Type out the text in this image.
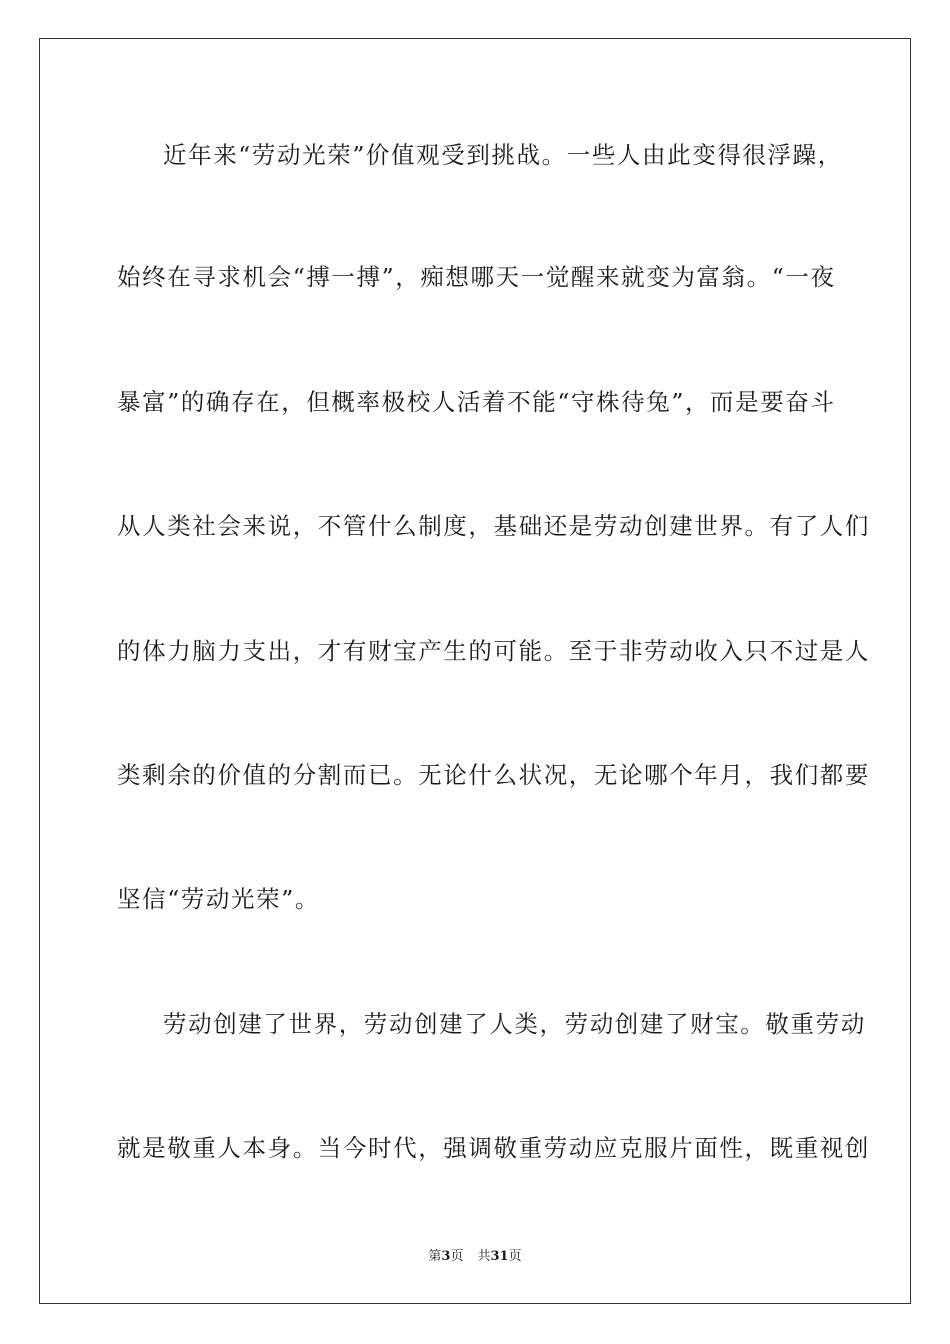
近年来“劳动光荣”价值观受到挑战。一些人由此变得很浮躁，
始终在寻求机会“搏一搏”，痴想哪天一觉醒来就变为富翁。“一夜
暴富”的确存在，但概率极校人活着不能“守株待兔”，而是要奋斗
从人类社会来说，不管什么制度，基础还是劳动创建世界。有了人们
的体力脑力支出，才有财宝产生的可能。至于非劳动收入只不过是人
类剩余的价值的分割而已。无论什么状况，无论哪个年月，我们都要
坚信“劳动光荣”。
劳动创建了世界，劳动创建了人类，劳动创建了财宝。敬重劳动
就是敬重人本身。当今时代，强调敬重劳动应克服片面性，既重视创
第3页 共31页
